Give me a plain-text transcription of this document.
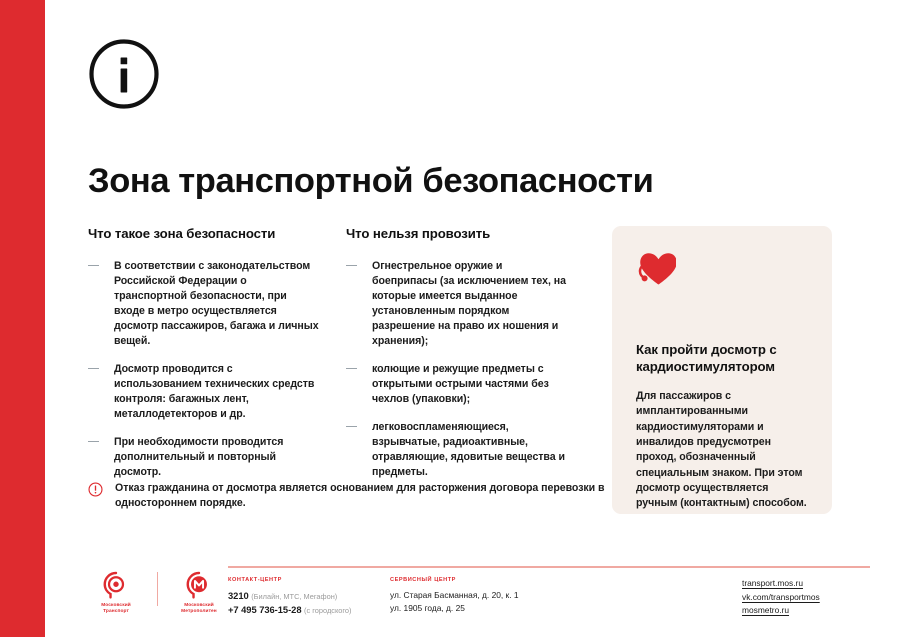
Зона транспортной безопасности
Что такое зона безопасности
В соответствии с законодательством Российской Федерации о транспортной безопасности, при входе в метро осуществляется досмотр пассажиров, багажа и личных вещей.
Досмотр проводится с использованием технических средств контроля: багажных лент, металлодетекторов и др.
При необходимости проводится дополнительный и повторный досмотр.
Что нельзя провозить
Огнестрельное оружие и боеприпасы (за исключением тех, на которые имеется выданное установленным порядком разрешение на право их ношения и хранения);
колющие и режущие предметы с открытыми острыми частями без чехлов (упаковки);
легковоспламеняющиеся, взрывчатые, радиоактивные, отравляющие, ядовитые вещества и предметы.
Отказ гражданина от досмотра является основанием для расторжения договора перевозки в одностороннем порядке.
Как пройти досмотр с кардиостимулятором
Для пассажиров с имплантированными кардиостимуляторами и инвалидов предусмотрен проход, обозначенный специальным знаком. При этом досмотр осуществляется ручным (контактным) способом.
Московский
Транспорт
Московский
Метрополитен
КОНТАКТ-ЦЕНТР
3210 (Билайн, МТС, Мегафон)
+7 495 736-15-28 (с городского)
СЕРВИСНЫЙ ЦЕНТР
ул. Старая Басманная, д. 20, к. 1
ул. 1905 года, д. 25
transport.mos.ru
vk.com/transportmos
mosmetro.ru
